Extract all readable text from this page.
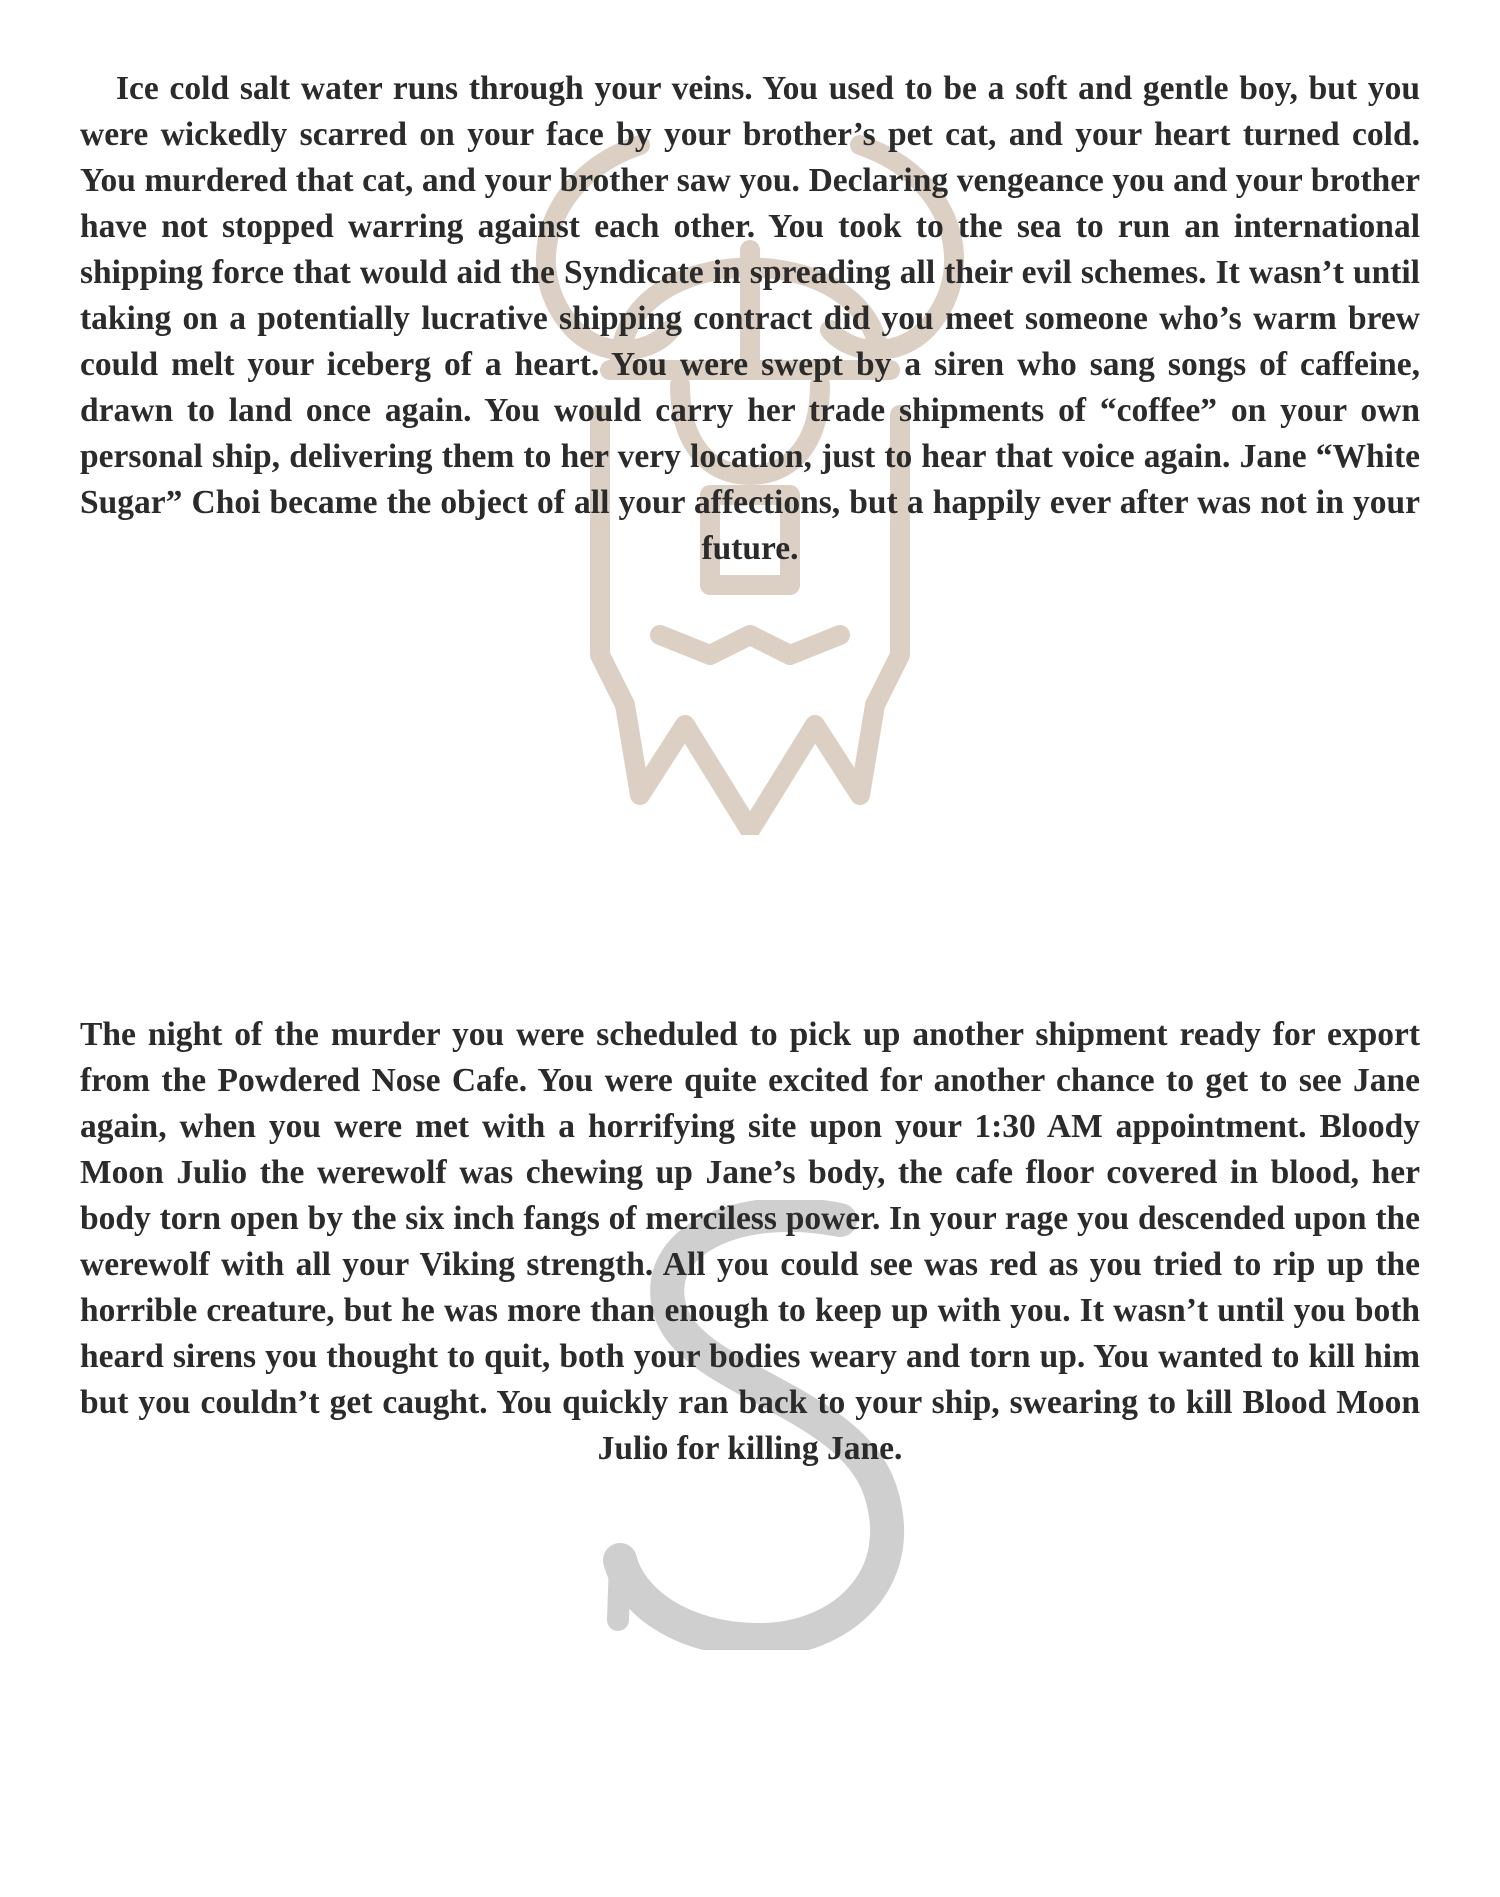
Ice cold salt water runs through your veins. You used to be a soft and gentle boy, but you were wickedly scarred on your face by your brother’s pet cat, and your heart turned cold. You murdered that cat, and your brother saw you. Declaring vengeance you and your brother have not stopped warring against each other. You took to the sea to run an international shipping force that would aid the Syndicate in spreading all their evil schemes. It wasn’t until taking on a potentially lucrative shipping contract did you meet someone who’s warm brew could melt your iceberg of a heart. You were swept by a siren who sang songs of caffeine, drawn to land once again. You would carry her trade shipments of “coffee” on your own personal ship, delivering them to her very location, just to hear that voice again. Jane “White Sugar” Choi became the object of all your affections, but a happily ever after was not in your future.

The night of the murder you were scheduled to pick up another shipment ready for export from the Powdered Nose Cafe. You were quite excited for another chance to get to see Jane again, when you were met with a horrifying site upon your 1:30 AM appointment. Bloody Moon Julio the werewolf was chewing up Jane’s body, the cafe floor covered in blood, her body torn open by the six inch fangs of merciless power. In your rage you descended upon the werewolf with all your Viking strength. All you could see was red as you tried to rip up the horrible creature, but he was more than enough to keep up with you. It wasn’t until you both heard sirens you thought to quit, both your bodies weary and torn up. You wanted to kill him but you couldn’t get caught. You quickly ran back to your ship, swearing to kill Blood Moon Julio for killing Jane.
